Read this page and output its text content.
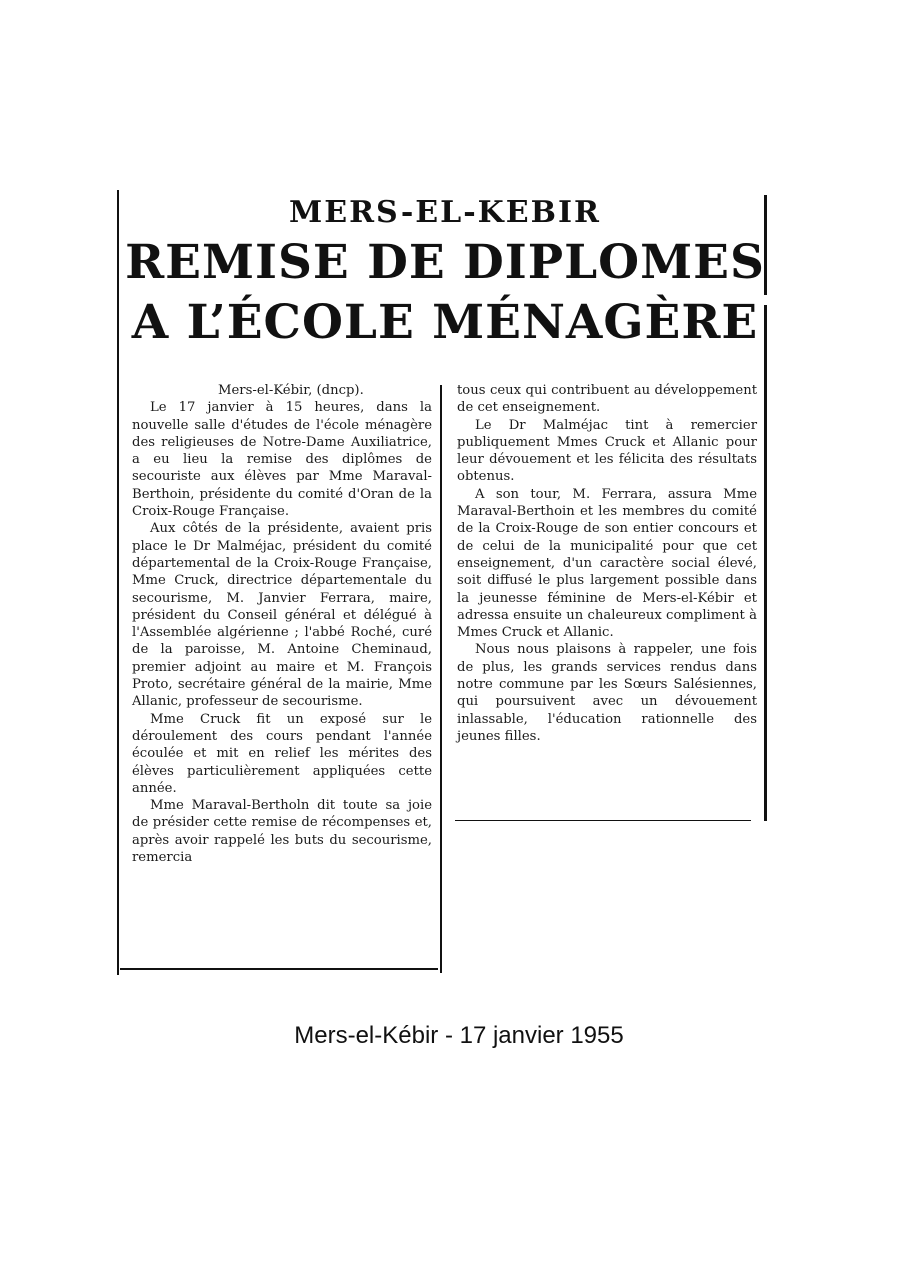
MERS-EL-KEBIR
REMISE DE DIPLOMES
A L’ÉCOLE MÉNAGÈRE

Mers-el-Kébir, (dncp).

Le 17 janvier à 15 heures, dans la nouvelle salle d'études de l'école ménagère des religieuses de Notre-Dame Auxiliatrice, a eu lieu la remise des diplômes de secouriste aux élèves par Mme Maraval-Berthoin, présidente du comité d'Oran de la Croix-Rouge Française.

Aux côtés de la présidente, avaient pris place le Dr Malméjac, président du comité départemental de la Croix-Rouge Française, Mme Cruck, directrice départementale du secourisme, M. Janvier Ferrara, maire, président du Conseil général et délégué à l'Assemblée algérienne ; l'abbé Roché, curé de la paroisse, M. Antoine Cheminaud, premier adjoint au maire et M. François Proto, secrétaire général de la mairie, Mme Allanic, professeur de secourisme.

Mme Cruck fit un exposé sur le déroulement des cours pendant l'année écoulée et mit en relief les mérites des élèves particulièrement appliquées cette année.

Mme Maraval-Bertholn dit toute sa joie de présider cette remise de récompenses et, après avoir rappelé les buts du secourisme, remercia

tous ceux qui contribuent au développement de cet enseignement.

Le Dr Malméjac tint à remercier publiquement Mmes Cruck et Allanic pour leur dévouement et les félicita des résultats obtenus.

A son tour, M. Ferrara, assura Mme Maraval-Berthoin et les membres du comité de la Croix-Rouge de son entier concours et de celui de la municipalité pour que cet enseignement, d'un caractère social élevé, soit diffusé le plus largement possible dans la jeunesse féminine de Mers-el-Kébir et adressa ensuite un chaleureux compliment à Mmes Cruck et Allanic.

Nous nous plaisons à rappeler, une fois de plus, les grands services rendus dans notre commune par les Sœurs Salésiennes, qui poursuivent avec un dévouement inlassable, l'éducation rationnelle des jeunes filles.

Mers-el-Kébir - 17 janvier 1955
